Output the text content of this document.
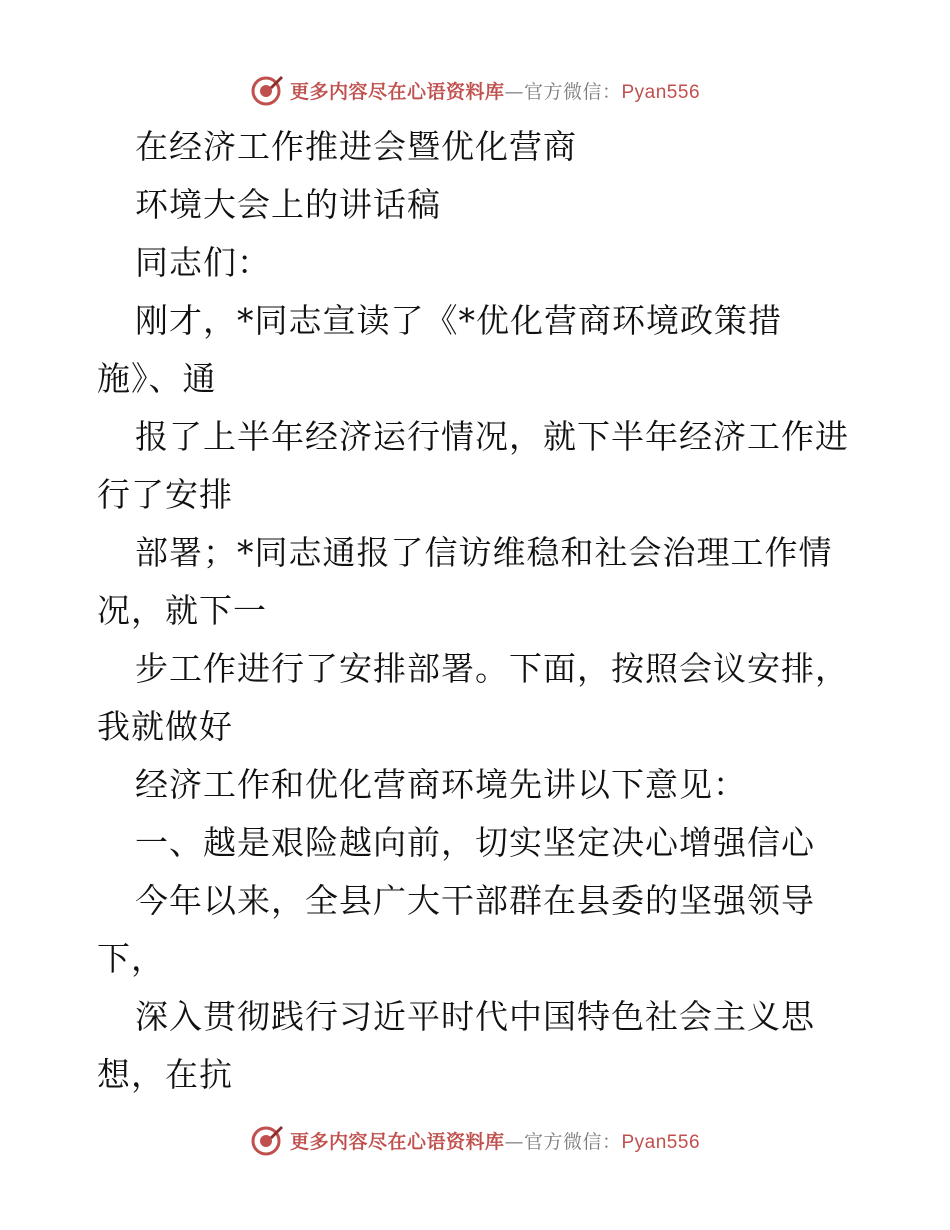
更多内容尽在心语资料库—官方微信：Pyan556
在经济工作推进会暨优化营商
环境大会上的讲话稿
同志们：
刚才，*同志宣读了《*优化营商环境政策措
施》、通
报了上半年经济运行情况，就下半年经济工作进
行了安排
部署；*同志通报了信访维稳和社会治理工作情
况，就下一
步工作进行了安排部署。下面，按照会议安排，
我就做好
经济工作和优化营商环境先讲以下意见：
一、越是艰险越向前，切实坚定决心增强信心
今年以来，全县广大干部群在县委的坚强领导
下，
深入贯彻践行习近平时代中国特色社会主义思
想，在抗
更多内容尽在心语资料库—官方微信：Pyan556
